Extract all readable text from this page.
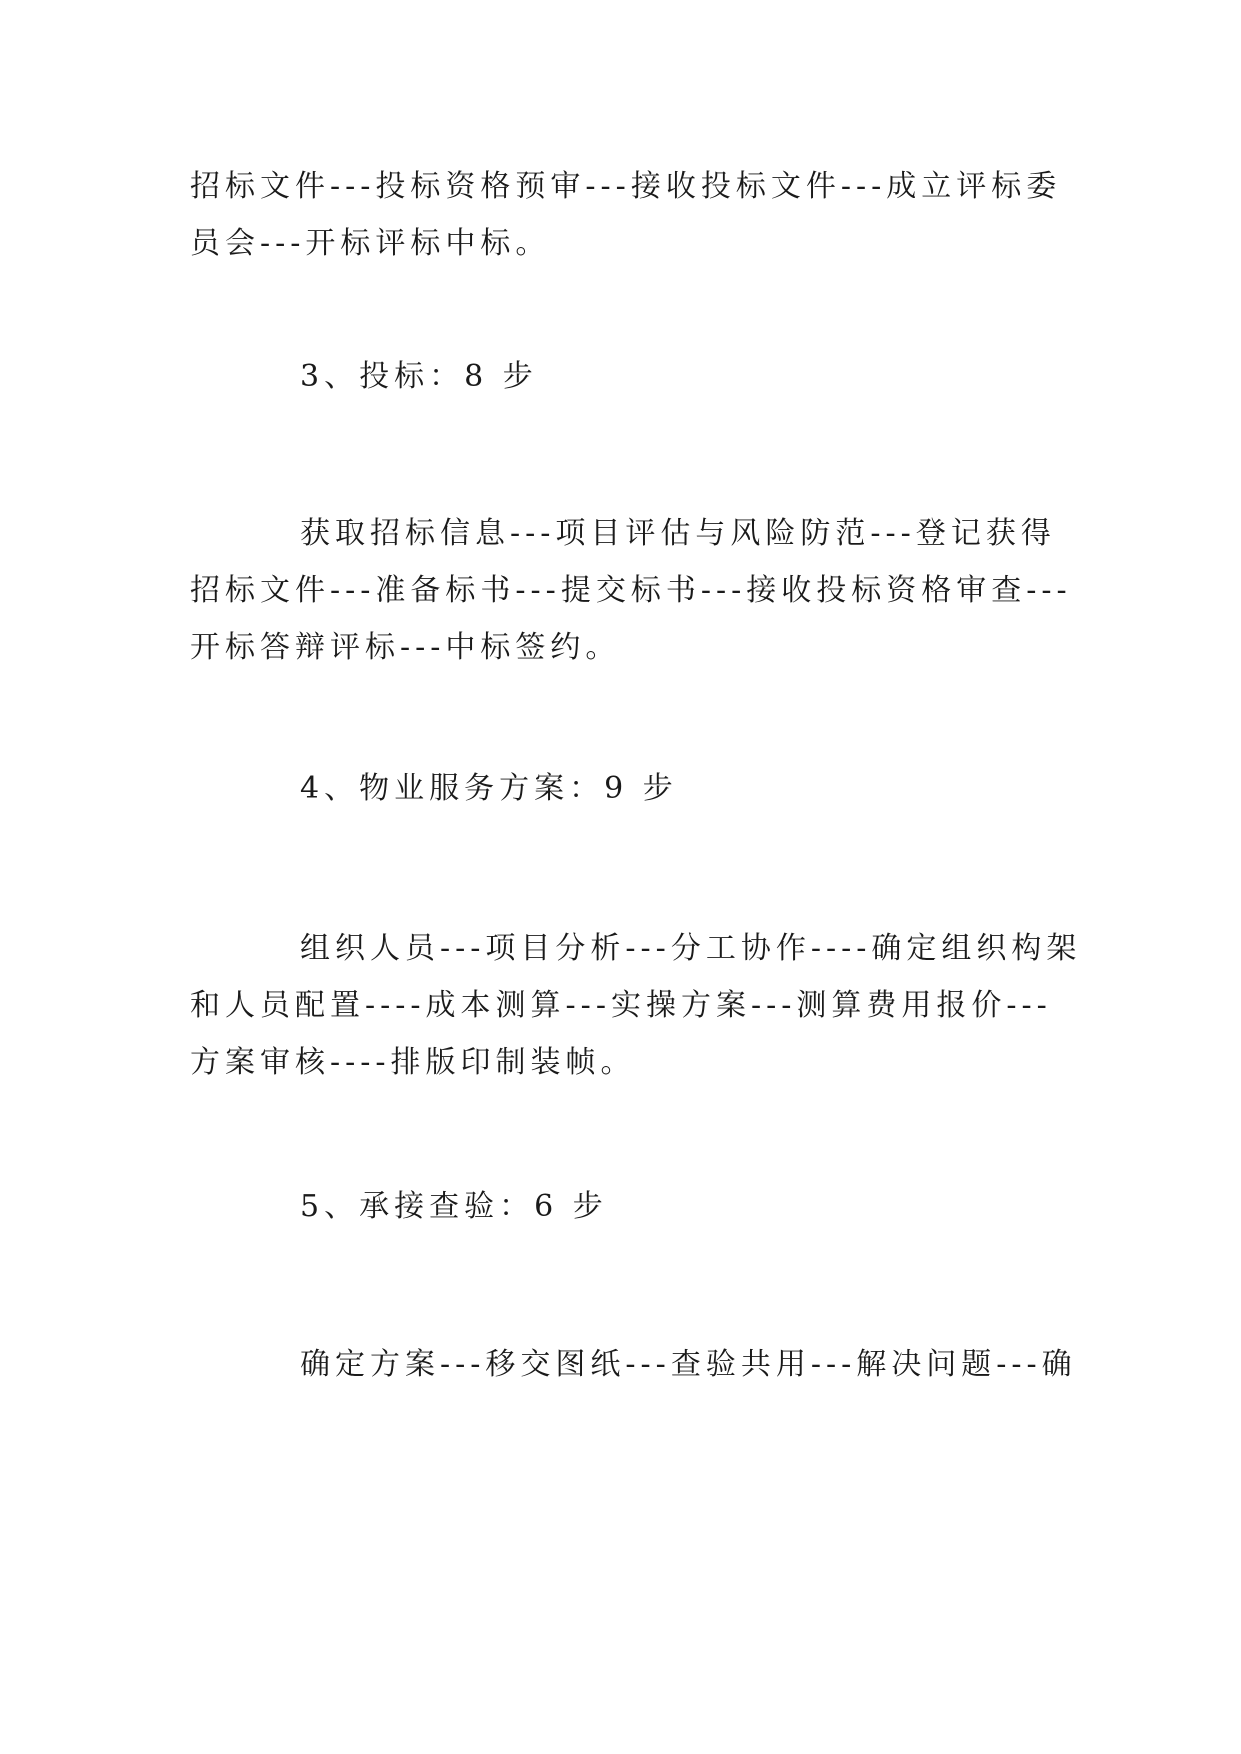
招标文件---投标资格预审---接收投标文件---成立评标委
员会---开标评标中标。

3、投标：8 步

获取招标信息---项目评估与风险防范---登记获得
招标文件---准备标书---提交标书---接收投标资格审查---
开标答辩评标---中标签约。

4、物业服务方案：9 步

组织人员---项目分析---分工协作----确定组织构架
和人员配置----成本测算---实操方案---测算费用报价---
方案审核----排版印制装帧。

5、承接查验：6 步

确定方案---移交图纸---查验共用---解决问题---确
